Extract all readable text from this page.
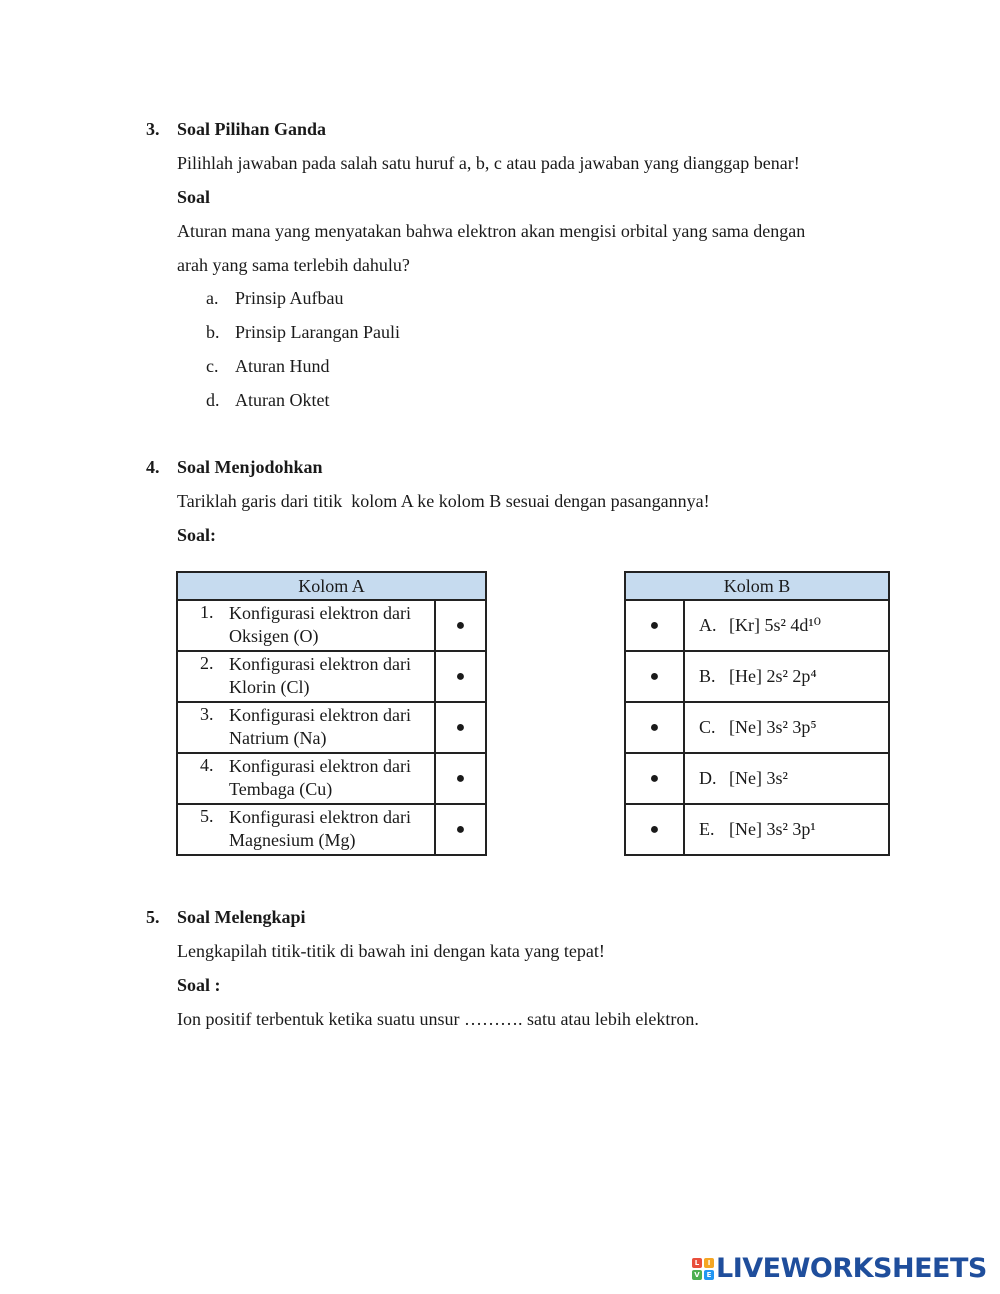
3. Soal Pilihan Ganda
Pilihlah jawaban pada salah satu huruf a, b, c atau pada jawaban yang dianggap benar!
Soal
Aturan mana yang menyatakan bahwa elektron akan mengisi orbital yang sama dengan
arah yang sama terlebih dahulu?
a. Prinsip Aufbau
b. Prinsip Larangan Pauli
c. Aturan Hund
d. Aturan Oktet
4. Soal Menjodohkan
Tariklah garis dari titik  kolom A ke kolom B sesuai dengan pasangannya!
Soal:
Kolom A	

1. Konfigurasi elektron dari Oksigen (O)	●

2. Konfigurasi elektron dari Klorin (Cl)	●

3. Konfigurasi elektron dari Natrium (Na)	●

4. Konfigurasi elektron dari Tembaga (Cu)	●

5. Konfigurasi elektron dari Magnesium (Mg)	●
Kolom B	
●	A. [Kr] 5s² 4d¹⁰
●	B. [He] 2s² 2p⁴
●	C. [Ne] 3s² 3p⁵
●	D. [Ne] 3s²
●	E. [Ne] 3s² 3p¹
5. Soal Melengkapi
Lengkapilah titik-titik di bawah ini dengan kata yang tepat!
Soal :
Ion positif terbentuk ketika suatu unsur ………. satu atau lebih elektron.
L	I
V E LIVEWORKSHEETS
